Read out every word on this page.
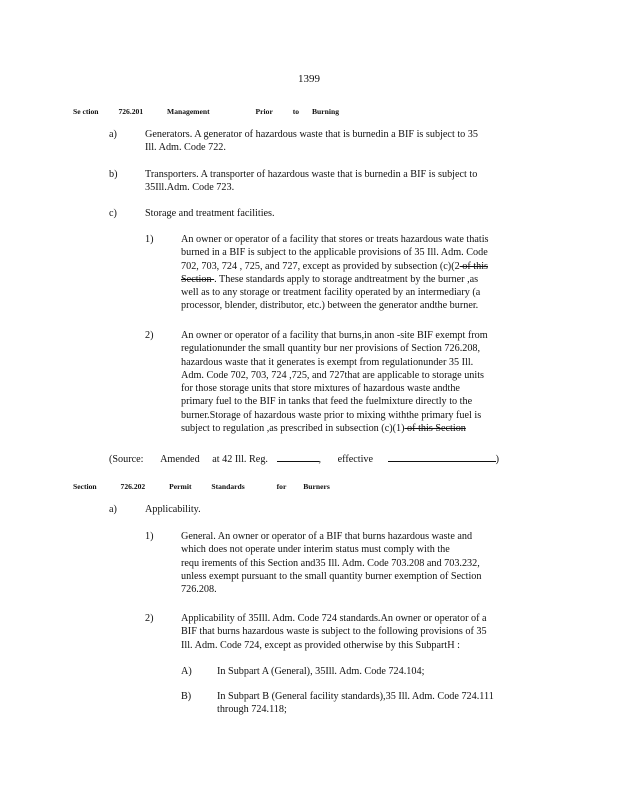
1399
Se ction	726.201	Management	Prior	to Burning
a)	Generators. A generator of hazardous waste that is burnedin a BIF is subject to 35
Ill. Adm. Code 722.
b)	Transporters. A transporter of hazardous waste that is burnedin a BIF is subject to
35Ill.Adm. Code 723.
c)	Storage and treatment facilities.
1)	An owner or operator of a facility that stores or treats hazardous wate thatis
burned in a BIF is subject to the applicable provisions of 35 Ill. Adm. Code
702, 703, 724 , 725, and 727, except as provided by subsection (c)(2 of this
Section . These standards apply to storage andtreatment by the burner ,as
well as to any storage or treatment facility operated by an intermediary (a
processor, blender, distributor, etc.) between the generator andthe burner.
2)	An owner or operator of a facility that burns,in anon -site BIF exempt from
regulationunder the small quantity bur ner provisions of Section 726.208,
hazardous waste that it generates is exempt from regulationunder 35 Ill.
Adm. Code 702, 703, 724 ,725, and 727that are applicable to storage units
for those storage units that store mixtures of hazardous waste andthe
primary fuel to the BIF in tanks that feed the fuelmixture directly to the
burner.Storage of hazardous waste prior to mixing withthe primary fuel is
subject to regulation ,as prescribed in subsection (c)(1) of this Section
(Source: Amended at 42 Ill. Reg.	, effective	)
Section	726.202	Permit	Standards	for Burners
a)	Applicability.
1)	General. An owner or operator of a BIF that burns hazardous waste and
which does not operate under interim status must comply with the
requ irements of this Section and35 Ill. Adm. Code 703.208 and 703.232,
unless exempt pursuant to the small quantity burner exemption of Section
726.208.
2)	Applicability of 35Ill. Adm. Code 724 standards.An owner or operator of a
BIF that burns hazardous waste is subject to the following provisions of 35
Ill. Adm. Code 724, except as provided otherwise by this SubpartH :
A) In Subpart A (General), 35Ill. Adm. Code 724.104;
B)	In Subpart B (General facility standards),35 Ill. Adm. Code 724.111
through 724.118;
